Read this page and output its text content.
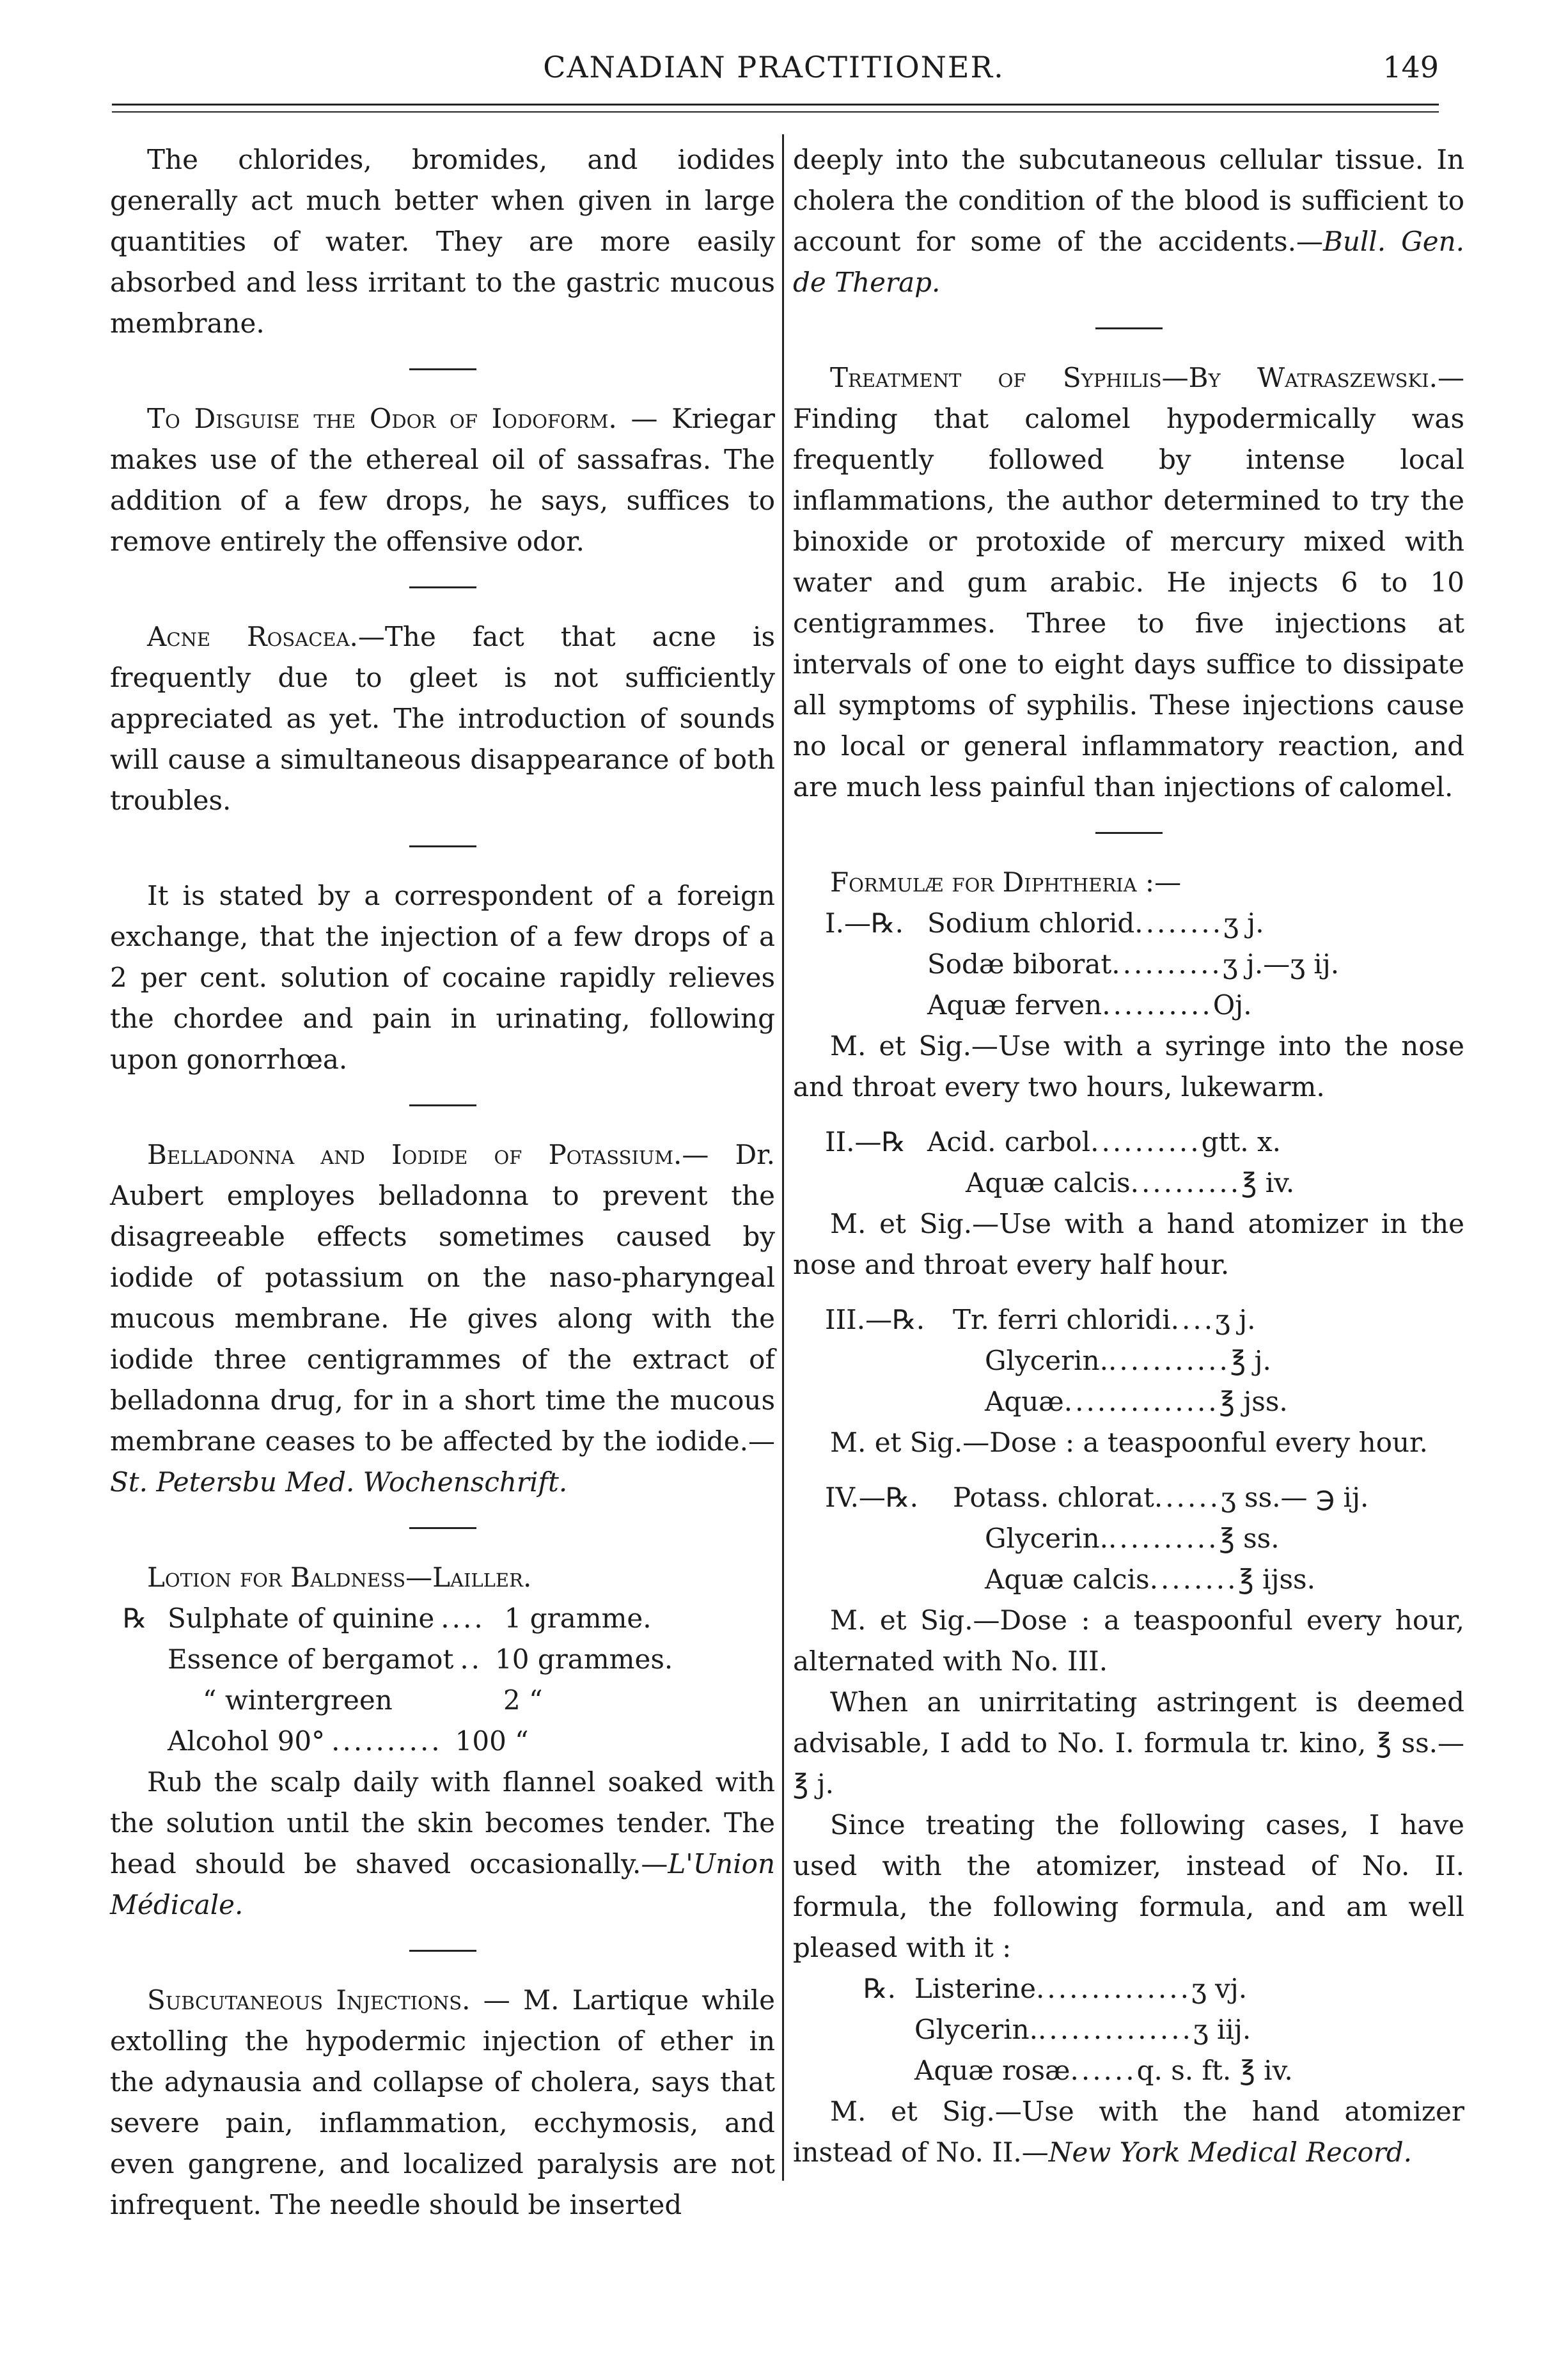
CANADIAN PRACTITIONER.	149

The chlorides, bromides, and iodides generally act much better when given in large quantities of water. They are more easily absorbed and less irritant to the gastric mucous membrane.

To Disguise the Odor of Iodoform. — Kriegar makes use of the ethereal oil of sassafras. The addition of a few drops, he says, suffices to remove entirely the offensive odor.

Acne Rosacea.—The fact that acne is frequently due to gleet is not sufficiently appreciated as yet. The introduction of sounds will cause a simultaneous disappearance of both troubles.

It is stated by a correspondent of a foreign exchange, that the injection of a few drops of a 2 per cent. solution of cocaine rapidly relieves the chordee and pain in urinating, following upon gonorrhœa.

Belladonna and Iodide of Potassium.— Dr. Aubert employes belladonna to prevent the disagreeable effects sometimes caused by iodide of potassium on the naso-pharyngeal mucous membrane. He gives along with the iodide three centigrammes of the extract of belladonna drug, for in a short time the mucous membrane ceases to be affected by the iodide.—St. Petersbu Med. Wochenschrift.

Lotion for Baldness—Lailler.

℞ Sulphate of quinine .... 1 gramme.
Essence of bergamot .. 10 grammes.
“ wintergreen	2 “
Alcohol 90° .......... 100 “

Rub the scalp daily with flannel soaked with the solution until the skin becomes tender. The head should be shaved occasionally.—L'Union Médicale.

Subcutaneous Injections. — M. Lartique while extolling the hypodermic injection of ether in the adynausia and collapse of cholera, says that severe pain, inflammation, ecchymosis, and even gangrene, and localized paralysis are not infrequent. The needle should be inserted

deeply into the subcutaneous cellular tissue. In cholera the condition of the blood is sufficient to account for some of the accidents.—Bull. Gen. de Therap.

Treatment of Syphilis—By Watraszewski.—Finding that calomel hypodermically was frequently followed by intense local inflammations, the author determined to try the binoxide or protoxide of mercury mixed with water and gum arabic. He injects 6 to 10 centigrammes. Three to five injections at intervals of one to eight days suffice to dissipate all symptoms of syphilis. These injections cause no local or general inflammatory reaction, and are much less painful than injections of calomel.

Formulæ for Diphtheria :—

I.—℞. Sodium chlorid ........ ʒ j.
Sodæ biborat .......... ʒ j.—ʒ ij.
Aquæ ferven .......... Oj.

M. et Sig.—Use with a syringe into the nose and throat every two hours, lukewarm.

II.—℞ Acid. carbol .......... gtt. x.
Aquæ calcis .......... ℥ iv.

M. et Sig.—Use with a hand atomizer in the nose and throat every half hour.

III.—℞.	Tr. ferri chloridi .... ʒ j.
Glycerin. ........... ℥ j.
Aquæ .............. ℥ jss.

M. et Sig.—Dose : a teaspoonful every hour.

IV.—℞.	Potass. chlorat ...... ʒ ss.— ℈ ij.
Glycerin. .......... ℥ ss.
Aquæ calcis ........ ℥ ijss.

M. et Sig.—Dose : a teaspoonful every hour, alternated with No. III.

When an unirritating astringent is deemed advisable, I add to No. I. formula tr. kino, ℥ ss.—℥ j.

Since treating the following cases, I have used with the atomizer, instead of No. II. formula, the following formula, and am well pleased with it :

℞. Listerine .............. ʒ vj.
Glycerin. .............. ʒ iij.
Aquæ rosæ ...... q. s. ft. ℥ iv.

M. et Sig.—Use with the hand atomizer instead of No. II.—New York Medical Record.
